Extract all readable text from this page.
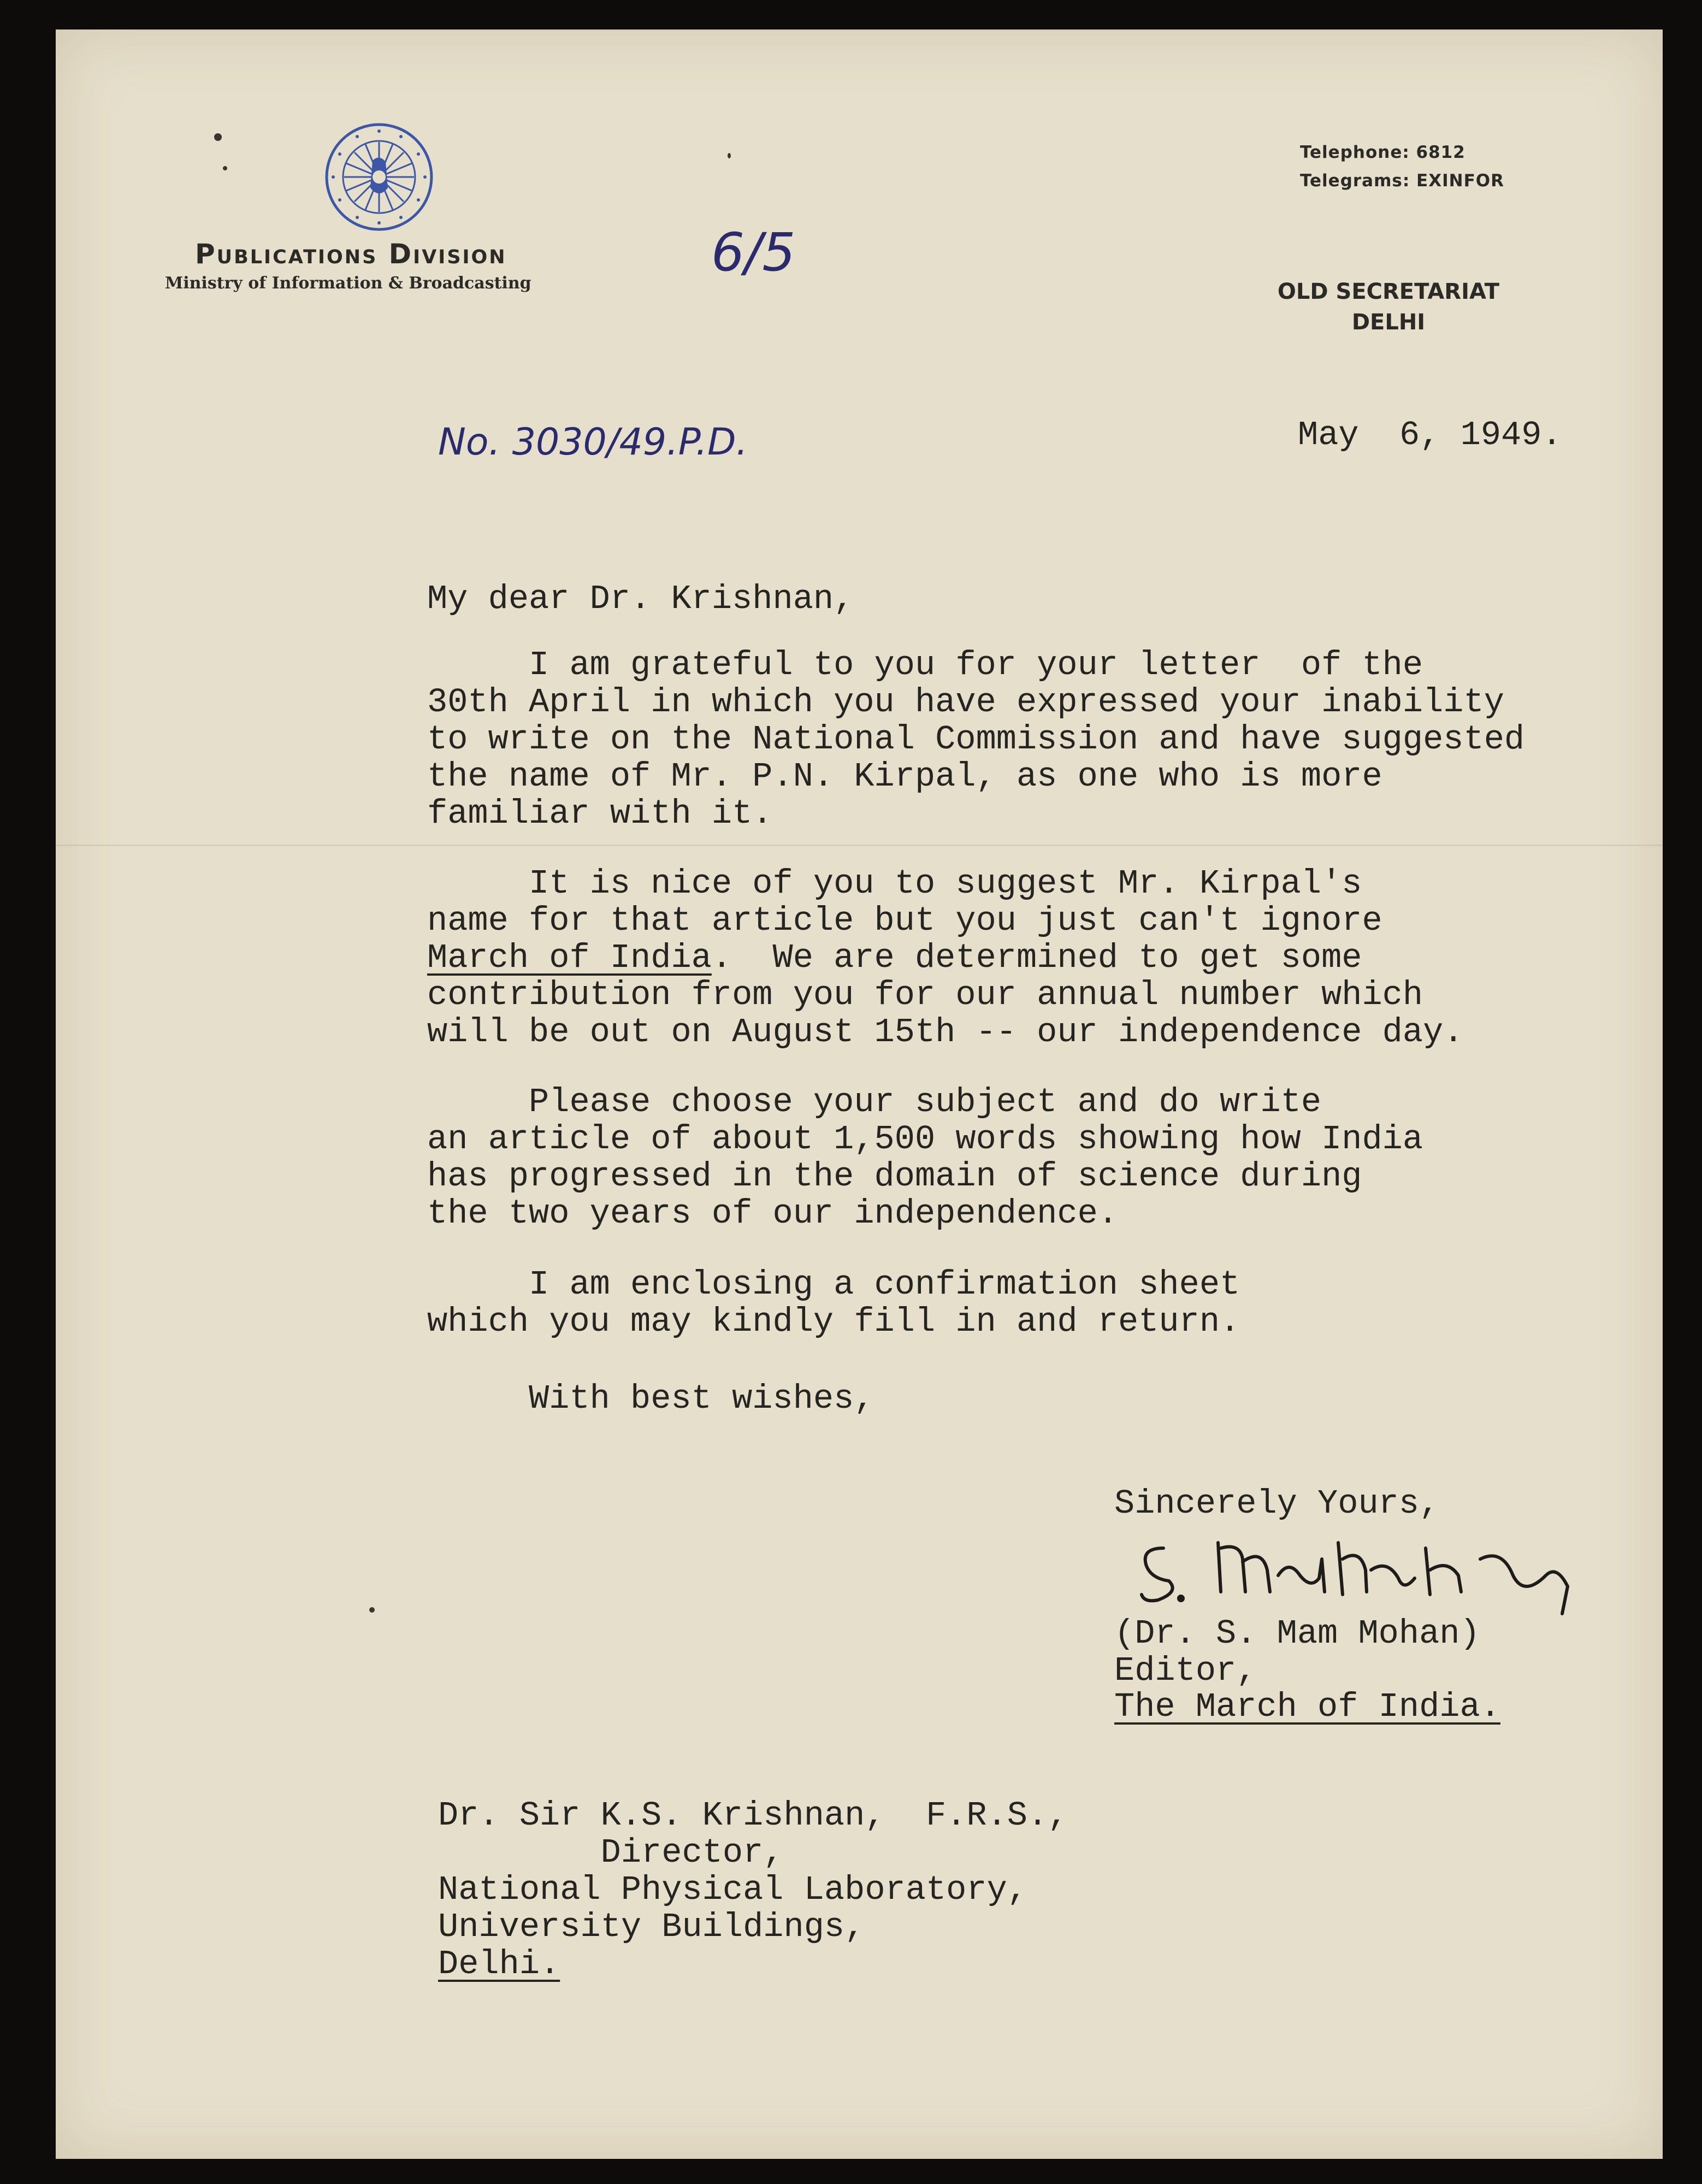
Publications Division
Ministry of Information & Broadcasting
Telephone: 6812
Telegrams: EXINFOR
OLD SECRETARIAT
DELHI
6/5
No. 3030/49.P.D.	May  6, 1949.
My dear Dr. Krishnan,
I am grateful to you for your letter  of the
30th April in which you have expressed your inability
to write on the National Commission and have suggested
the name of Mr. P.N. Kirpal, as one who is more
familiar with it.
It is nice of you to suggest Mr. Kirpal's
name for that article but you just can't ignore
March of India.  We are determined to get some
contribution from you for our annual number which
will be out on August 15th -- our independence day.
Please choose your subject and do write
an article of about 1,500 words showing how India
has progressed in the domain of science during
the two years of our independence.
I am enclosing a confirmation sheet
which you may kindly fill in and return.
With best wishes,
Sincerely Yours,
S. Mam Mohan
(Dr. S. Mam Mohan)
Editor,
The March of India.
Dr. Sir K.S. Krishnan,  F.R.S.,
Director,
National Physical Laboratory,
University Buildings,
Delhi.
